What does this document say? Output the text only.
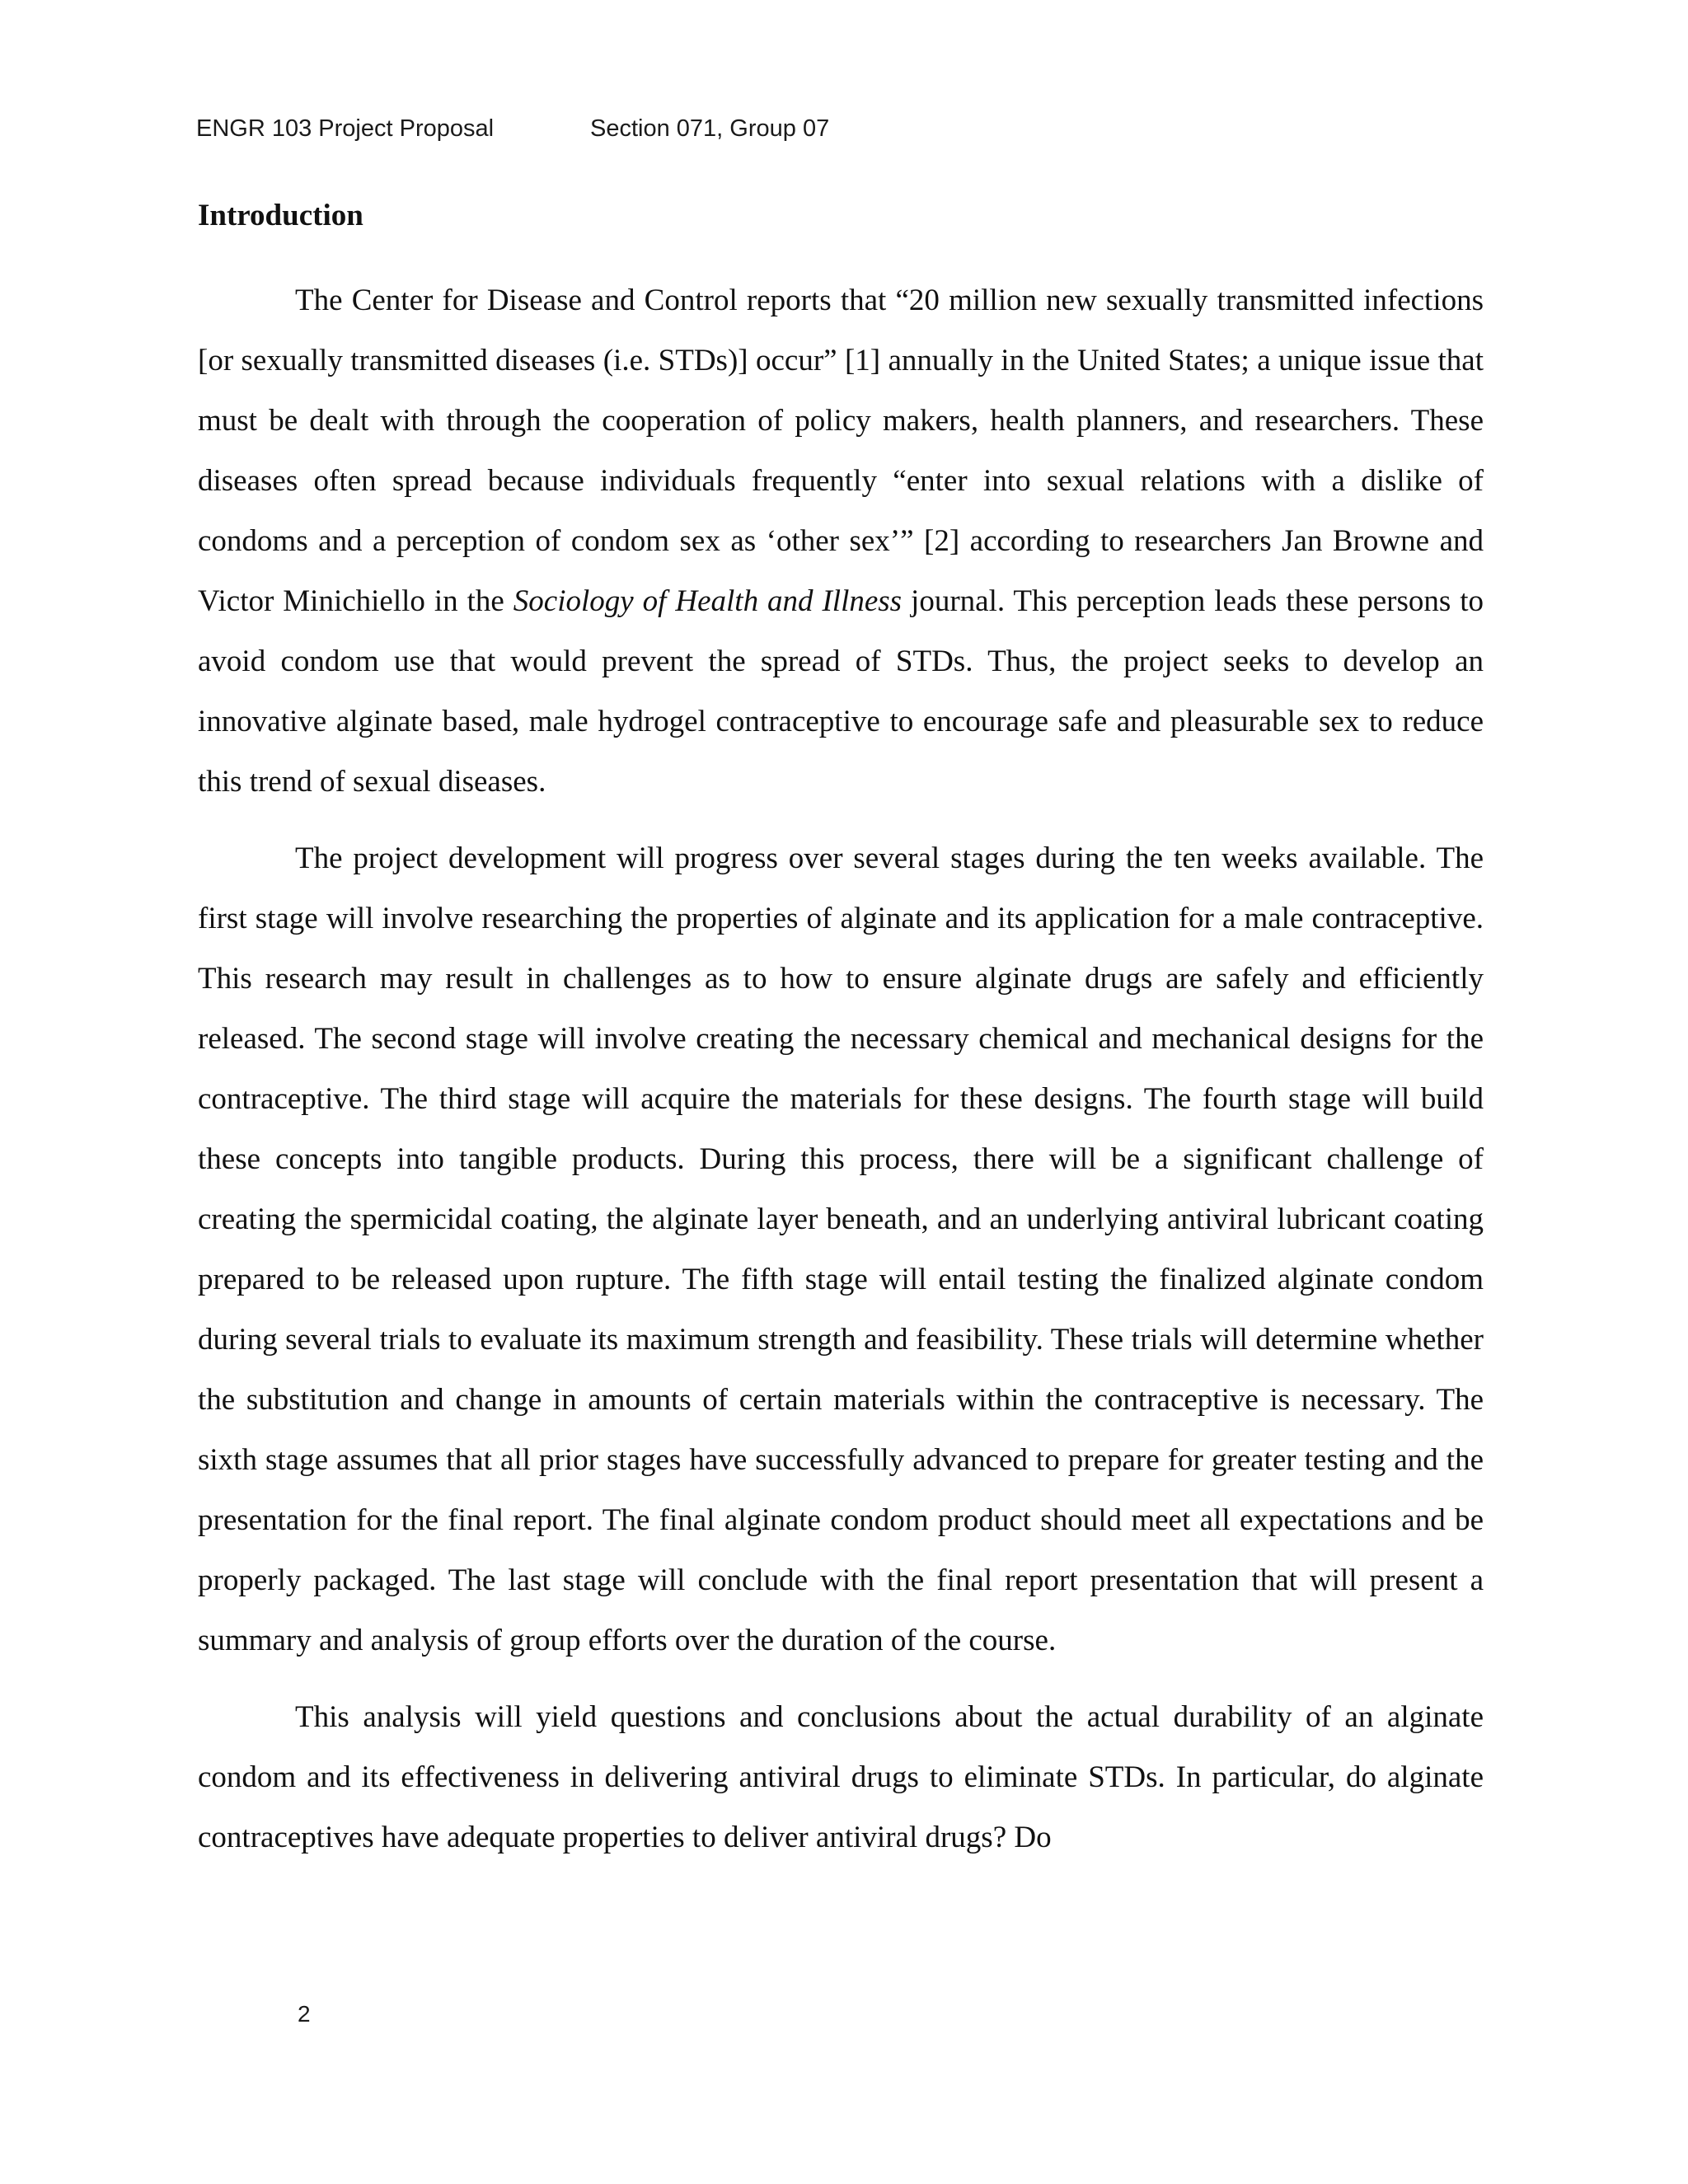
ENGR 103 Project Proposal	Section 071, Group 07
Introduction

The Center for Disease and Control reports that “20 million new sexually transmitted infections [or sexually transmitted diseases (i.e. STDs)] occur” [1] annually in the United States; a unique issue that must be dealt with through the cooperation of policy makers, health planners, and researchers. These diseases often spread because individuals frequently “enter into sexual relations with a dislike of condoms and a perception of condom sex as ‘other sex’” [2] according to researchers Jan Browne and Victor Minichiello in the Sociology of Health and Illness journal. This perception leads these persons to avoid condom use that would prevent the spread of STDs. Thus, the project seeks to develop an innovative alginate based, male hydrogel contraceptive to encourage safe and pleasurable sex to reduce this trend of sexual diseases.

The project development will progress over several stages during the ten weeks available. The first stage will involve researching the properties of alginate and its application for a male contraceptive. This research may result in challenges as to how to ensure alginate drugs are safely and efficiently released. The second stage will involve creating the necessary chemical and mechanical designs for the contraceptive. The third stage will acquire the materials for these designs. The fourth stage will build these concepts into tangible products. During this process, there will be a significant challenge of creating the spermicidal coating, the alginate layer beneath, and an underlying antiviral lubricant coating prepared to be released upon rupture. The fifth stage will entail testing the finalized alginate condom during several trials to evaluate its maximum strength and feasibility. These trials will determine whether the substitution and change in amounts of certain materials within the contraceptive is necessary. The sixth stage assumes that all prior stages have successfully advanced to prepare for greater testing and the presentation for the final report. The final alginate condom product should meet all expectations and be properly packaged. The last stage will conclude with the final report presentation that will present a summary and analysis of group efforts over the duration of the course.

This analysis will yield questions and conclusions about the actual durability of an alginate condom and its effectiveness in delivering antiviral drugs to eliminate STDs. In particular, do alginate contraceptives have adequate properties to deliver antiviral drugs? Do

2
